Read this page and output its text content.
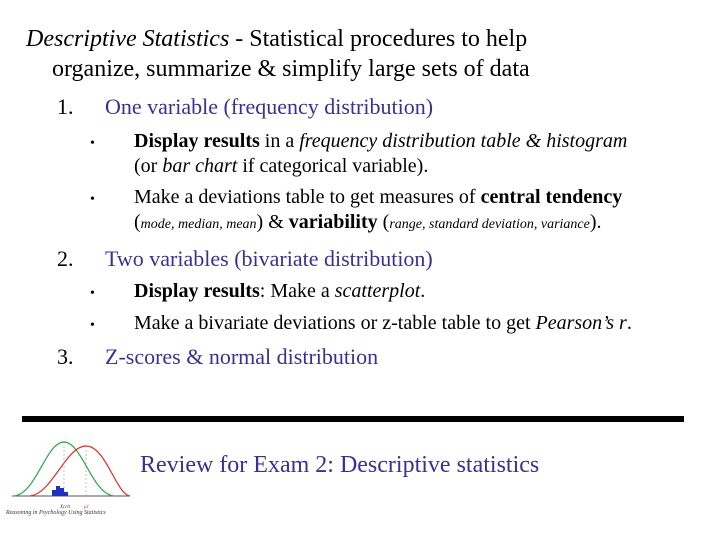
Descriptive Statistics - Statistical procedures to help
organize, summarize & simplify large sets of data
1. One variable (frequency distribution)
• Display results in a frequency distribution table & histogram
(or bar chart if categorical variable).
• Make a deviations table to get measures of central tendency
(mode, median, mean) & variability (range, standard deviation, variance).
2. Two variables (bivariate distribution)
• Display results: Make a scatterplot.
• Make a bivariate deviations or z-table table to get Pearson’s r.
3. Z-scores & normal distribution
Xcrit	μ1
Reasoning in Psychology Using Statistics
Review for Exam 2: Descriptive statistics
